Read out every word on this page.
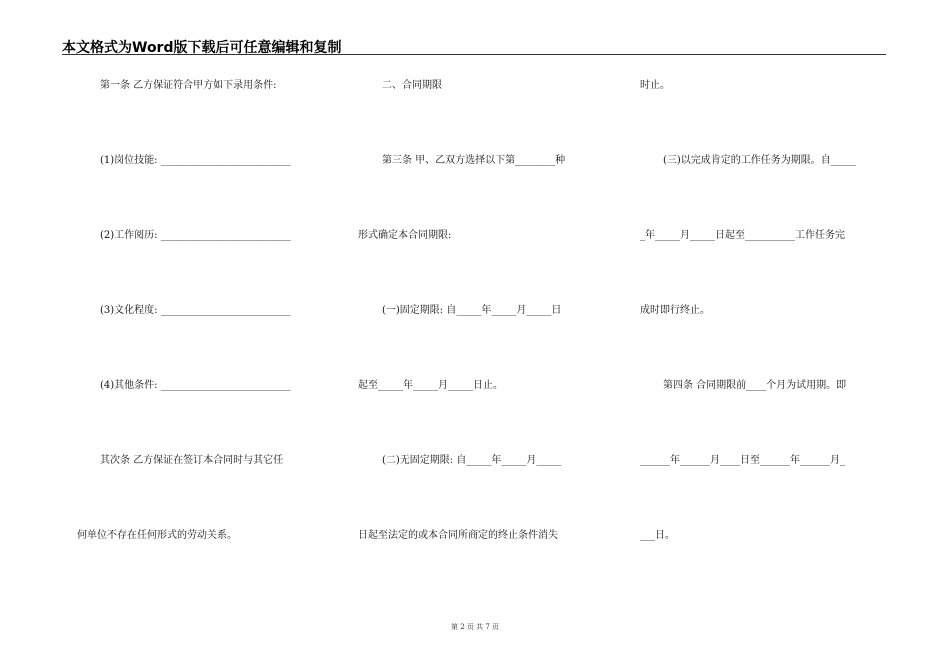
本文格式为Word版下载后可任意编辑和复制
第一条 乙方保证符合甲方如下录用条件:
(1)岗位技能: __________________________
(2)工作阅历: __________________________
(3)文化程度: __________________________
(4)其他条件: __________________________
其次条 乙方保证在签订本合同时与其它任
何单位不存在任何形式的劳动关系。
二、合同期限
第三条 甲、乙双方选择以下第________种
形式确定本合同期限:
(一)固定期限: 自_____年_____月_____日
起至_____年_____月_____日止。
(二)无固定期限: 自_____年_____月_____
日起至法定的或本合同所商定的终止条件消失
时止。
(三)以完成肯定的工作任务为期限。自_____
_年_____月_____日起至__________工作任务完
成时即行终止。
第四条 合同期限前____个月为试用期。即
______年______月____日至______年______月_
___日。
第 2 页 共 7 页
